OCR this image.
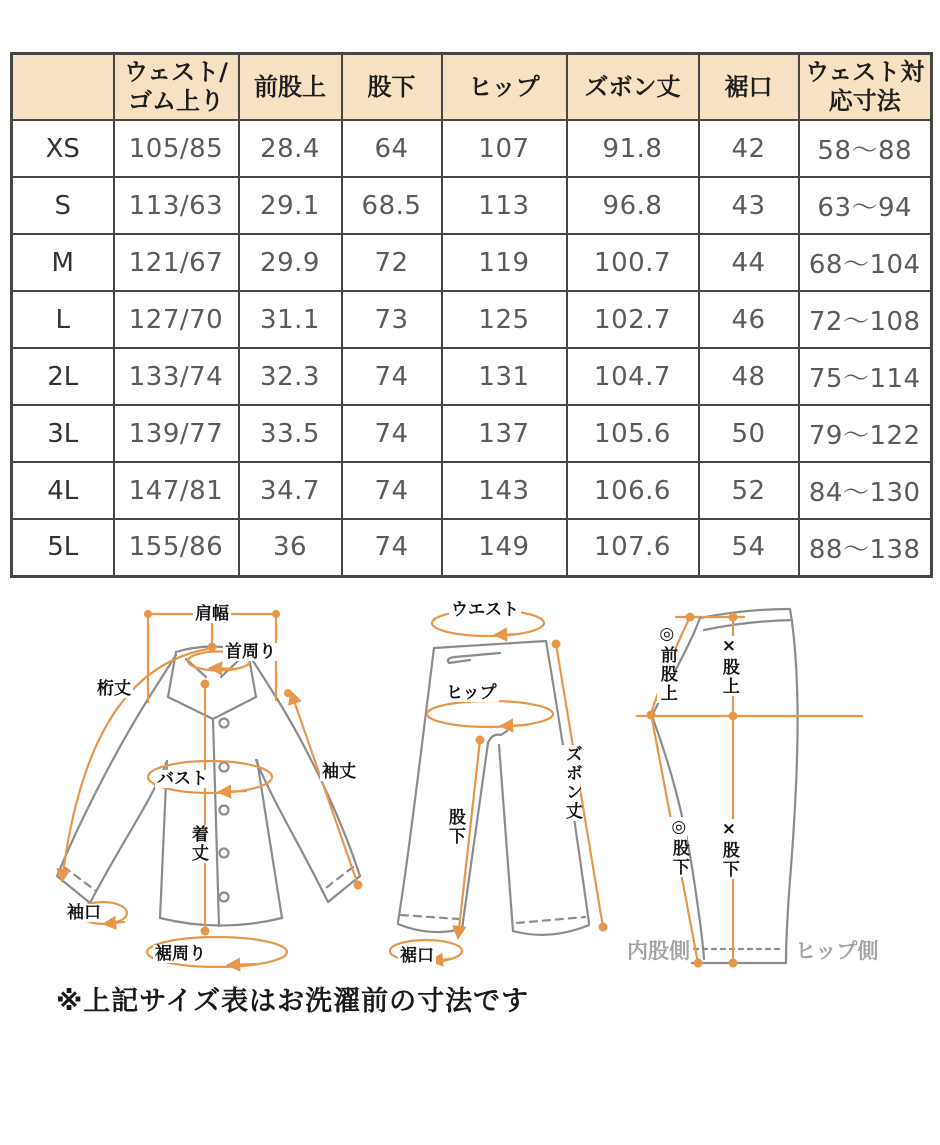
	ウェスト/ゴム上り	前股上	股下	ヒップ	ズボン丈	裾口	ウェスト対応寸法
XS	105/85	28.4	64	107	91.8	42	58〜88
S	113/63	29.1	68.5	113	96.8	43	63〜94
M	121/67	29.9	72	119	100.7	44	68〜104
L	127/70	31.1	73	125	102.7	46	72〜108
2L	133/74	32.3	74	131	104.7	48	75〜114
3L	139/77	33.5	74	137	105.6	50	79〜122
4L	147/81	34.7	74	143	106.6	52	84〜130
5L	155/86	36	74	149	107.6	54	88〜138
肩幅
首周り
桁丈
バスト
着丈
袖丈
袖口
裾周り
ウエスト
ヒップ
ズボン丈
股下
裾口
◎前股上 ×股上
◎股下 ×股下
内股側	ヒップ側
※上記サイズ表はお洗濯前の寸法です
